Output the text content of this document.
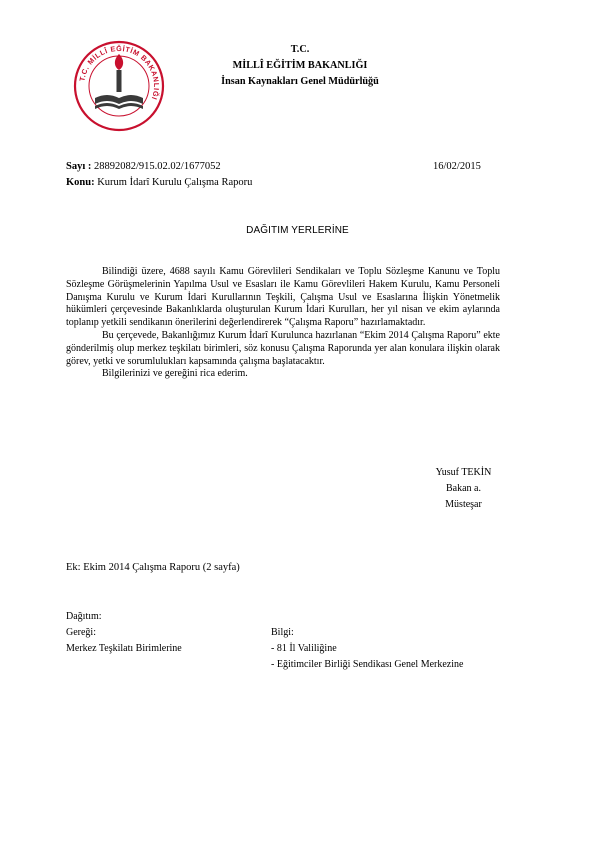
T.C. MİLLÎ EĞİTİM BAKANLIĞI
T.C.
MİLLÎ EĞİTİM BAKANLIĞI
İnsan Kaynakları Genel Müdürlüğü
Sayı : 28892082/915.02.02/1677052	16/02/2015
Konu: Kurum İdarî Kurulu Çalışma Raporu
DAĞITIM YERLERİNE

Bilindiği üzere, 4688 sayılı Kamu Görevlileri Sendikaları ve Toplu Sözleşme Kanunu ve Toplu Sözleşme Görüşmelerinin Yapılma Usul ve Esasları ile Kamu Görevlileri Hakem Kurulu, Kamu Personeli Danışma Kurulu ve Kurum İdari Kurullarının Teşkili, Çalışma Usul ve Esaslarına İlişkin Yönetmelik hükümleri çerçevesinde Bakanlıklarda oluşturulan Kurum İdari Kurulları, her yıl nisan ve ekim aylarında toplanıp yetkili sendikanın önerilerini değerlendirerek “Çalışma Raporu” hazırlamaktadır.

Bu çerçevede, Bakanlığımız Kurum İdarî Kurulunca hazırlanan “Ekim 2014 Çalışma Raporu” ekte gönderilmiş olup merkez teşkilatı birimleri, söz konusu Çalışma Raporunda yer alan konulara ilişkin olarak görev, yetki ve sorumlulukları kapsamında çalışma başlatacaktır.

Bilgilerinizi ve gereğini rica ederim.

Yusuf TEKİN
Bakan a.
Müsteşar
Ek: Ekim 2014 Çalışma Raporu (2 sayfa)
Dağıtım:
Gereği:
Merkez Teşkilatı Birimlerine
Bilgi:
- 81 İl Valiliğine
- Eğitimciler Birliği Sendikası Genel Merkezine
